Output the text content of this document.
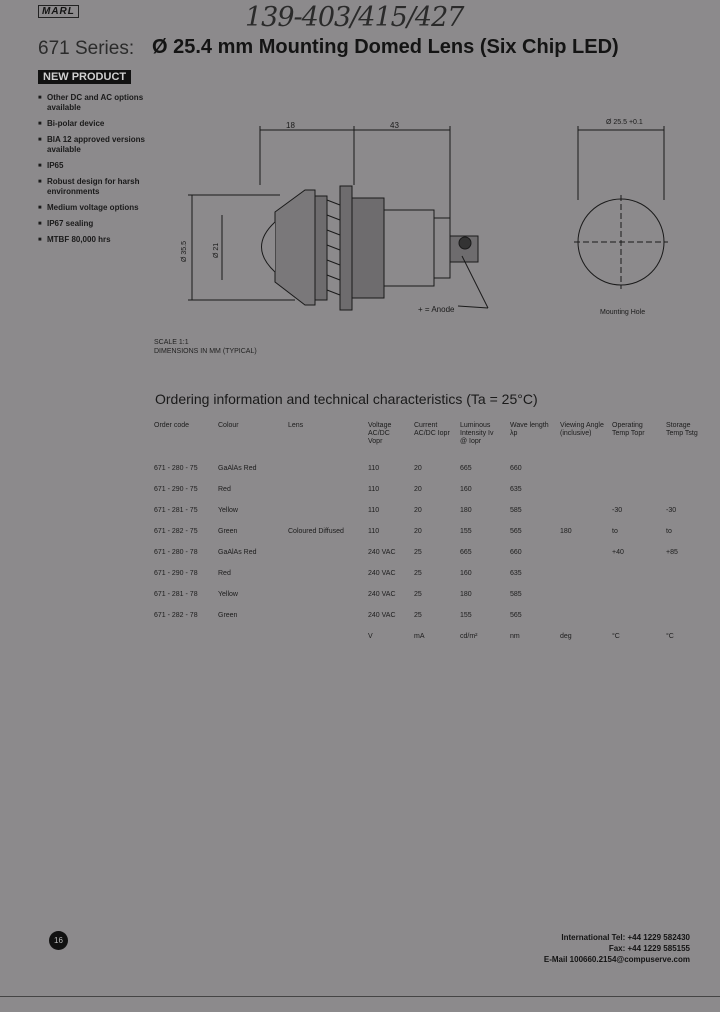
MARL	139-403/415/427
671 Series: Ø 25.4 mm Mounting Domed Lens (Six Chip LED)
NEW PRODUCT
■ Other DC and AC options available
■ Bi-polar device
■ BIA 12 approved versions available
■ IP65
■ Robust design for harsh environments
■ Medium voltage options
■ IP67 sealing
■ MTBF 80,000 hrs
18	43
Ø 35.5	Ø 21
+ = Anode
Ø 25.5 +0.1
Mounting Hole
SCALE 1:1
DIMENSIONS IN MM (TYPICAL)
Ordering information and technical characteristics (Ta = 25°C)
Order code	Colour	Lens	Voltage AC/DC Vopr	Current AC/DC Iopr	Luminous Intensity Iv @ Iopr	Wave length λp	Viewing Angle (inclusive)	Operating Temp Topr	Storage Temp Tstg
671 - 280 - 75	GaAlAs Red		110	20	665	660			
671 - 290 - 75	Red		110	20	160	635			
671 - 281 - 75	Yellow		110	20	180	585		-30	-30
671 - 282 - 75	Green	Coloured Diffused	110	20	155	565	180	to	to
671 - 280 - 78	GaAlAs Red		240 VAC	25	665	660		+40	+85
671 - 290 - 78	Red		240 VAC	25	160	635			
671 - 281 - 78	Yellow		240 VAC	25	180	585			
671 - 282 - 78	Green		240 VAC	25	155	565			
			V	mA	cd/m²	nm	deg	°C	°C
16	International Tel: +44 1229 582430
Fax: +44 1229 585155
E-Mail 100660.2154@compuserve.com
